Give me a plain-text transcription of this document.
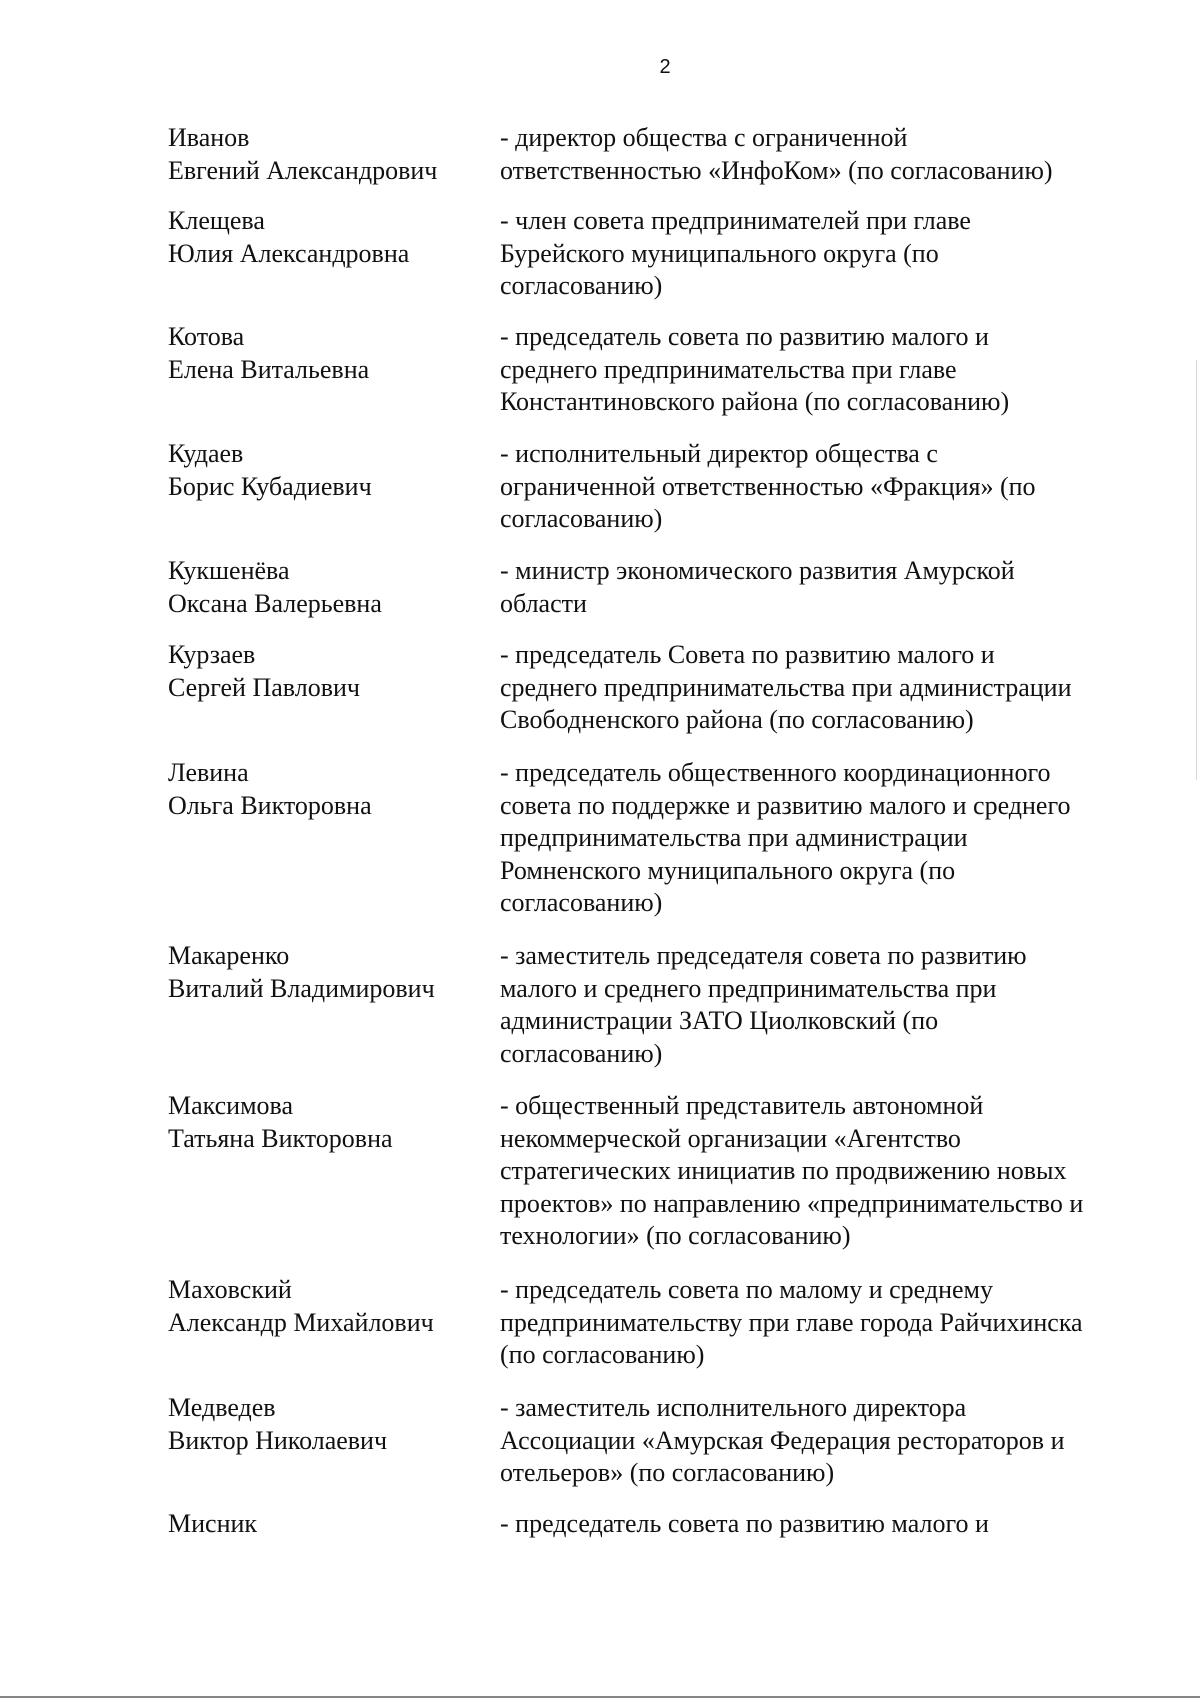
2
Иванов
Евгений Александрович
- директор общества с ограниченной
ответственностью «ИнфоКом» (по согласованию)
Клещева
Юлия Александровна
- член совета предпринимателей при главе
Бурейского муниципального округа (по
согласованию)
Котова
Елена Витальевна
- председатель совета по развитию малого и
среднего предпринимательства при главе
Константиновского района (по согласованию)
Кудаев
Борис Кубадиевич
- исполнительный директор общества с
ограниченной ответственностью «Фракция» (по
согласованию)
Кукшенёва
Оксана Валерьевна
- министр экономического развития Амурской
области
Курзаев
Сергей Павлович
- председатель Совета по развитию малого и
среднего предпринимательства при администрации
Свободненского района (по согласованию)
Левина
Ольга Викторовна
- председатель общественного координационного
совета по поддержке и развитию малого и среднего
предпринимательства при администрации
Ромненского муниципального округа (по
согласованию)
Макаренко
Виталий Владимирович
- заместитель председателя совета по развитию
малого и среднего предпринимательства при
администрации ЗАТО Циолковский (по
согласованию)
Максимова
Татьяна Викторовна
- общественный представитель автономной
некоммерческой организации «Агентство
стратегических инициатив по продвижению новых
проектов» по направлению «предпринимательство и
технологии» (по согласованию)
Маховский
Александр Михайлович
- председатель совета по малому и среднему
предпринимательству при главе города Райчихинска
(по согласованию)
Медведев
Виктор Николаевич
- заместитель исполнительного директора
Ассоциации «Амурская Федерация рестораторов и
отельеров» (по согласованию)
Мисник	- председатель совета по развитию малого и
